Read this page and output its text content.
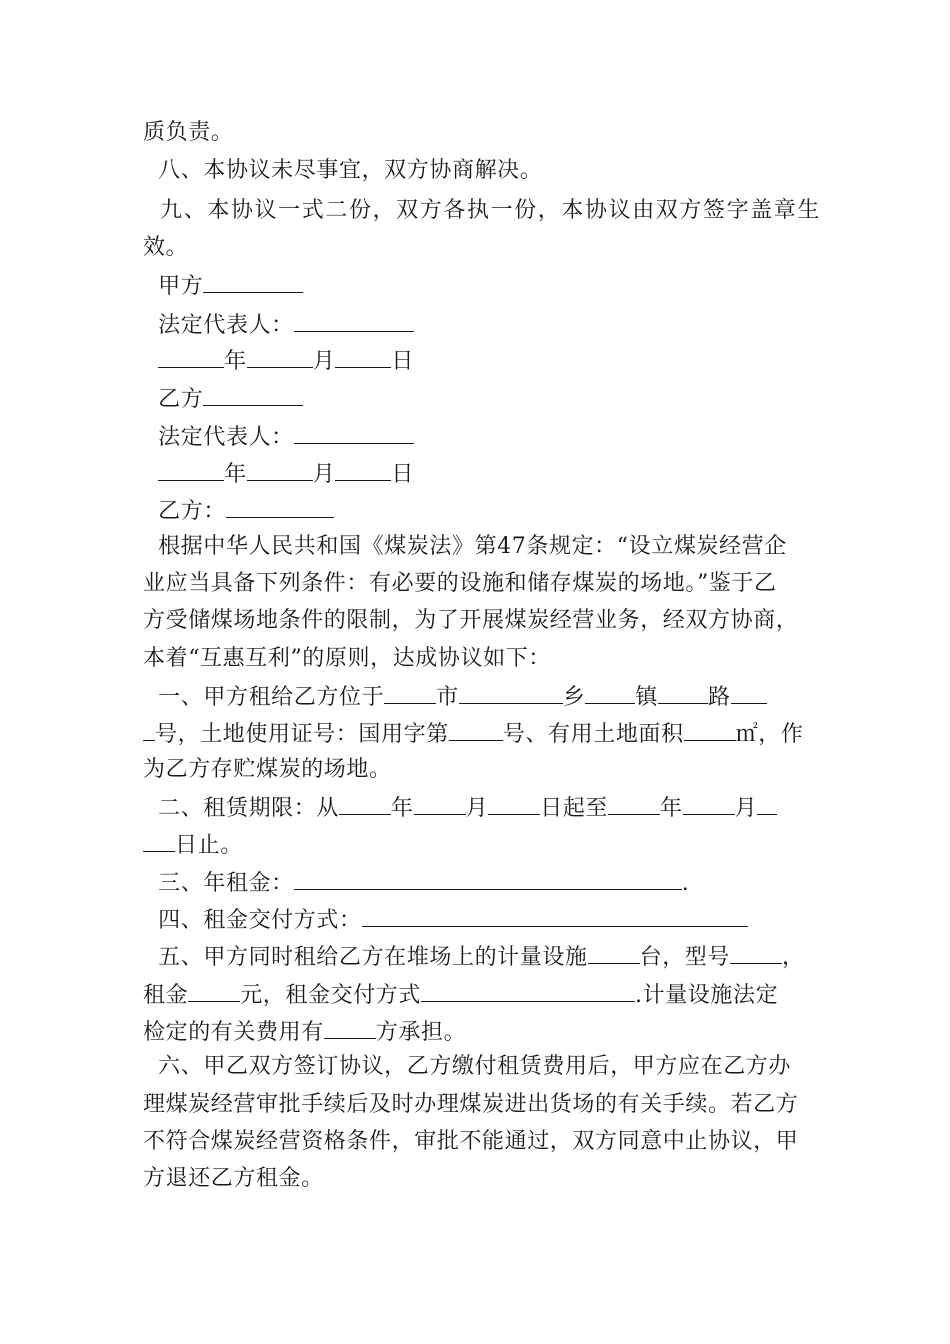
质负责。
八、本协议未尽事宜，双方协商解决。
九、本协议一式二份，双方各执一份，本协议由双方签字盖章生
效。
甲方
法定代表人：
年	月	日
乙方
法定代表人：
年	月	日
乙方：
根据中华人民共和国《煤炭法》第47条规定：“设立煤炭经营企
业应当具备下列条件：有必要的设施和储存煤炭的场地。”鉴于乙
方受储煤场地条件的限制，为了开展煤炭经营业务，经双方协商，
本着“互惠互利”的原则，达成协议如下：
一、甲方租给乙方位于 市	乡 镇 路
号，土地使用证号：国用字第 号、有用土地面积 ㎡，作
为乙方存贮煤炭的场地。
二、租赁期限：从 年 月 日起至 年 月
日止。
三、年租金：	.
四、租金交付方式：
五、甲方同时租给乙方在堆场上的计量设施 台，型号 ，
租金 元，租金交付方式	.计量设施法定
检定的有关费用有 方承担。
六、甲乙双方签订协议，乙方缴付租赁费用后，甲方应在乙方办
理煤炭经营审批手续后及时办理煤炭进出货场的有关手续。若乙方
不符合煤炭经营资格条件，审批不能通过，双方同意中止协议，甲
方退还乙方租金。
